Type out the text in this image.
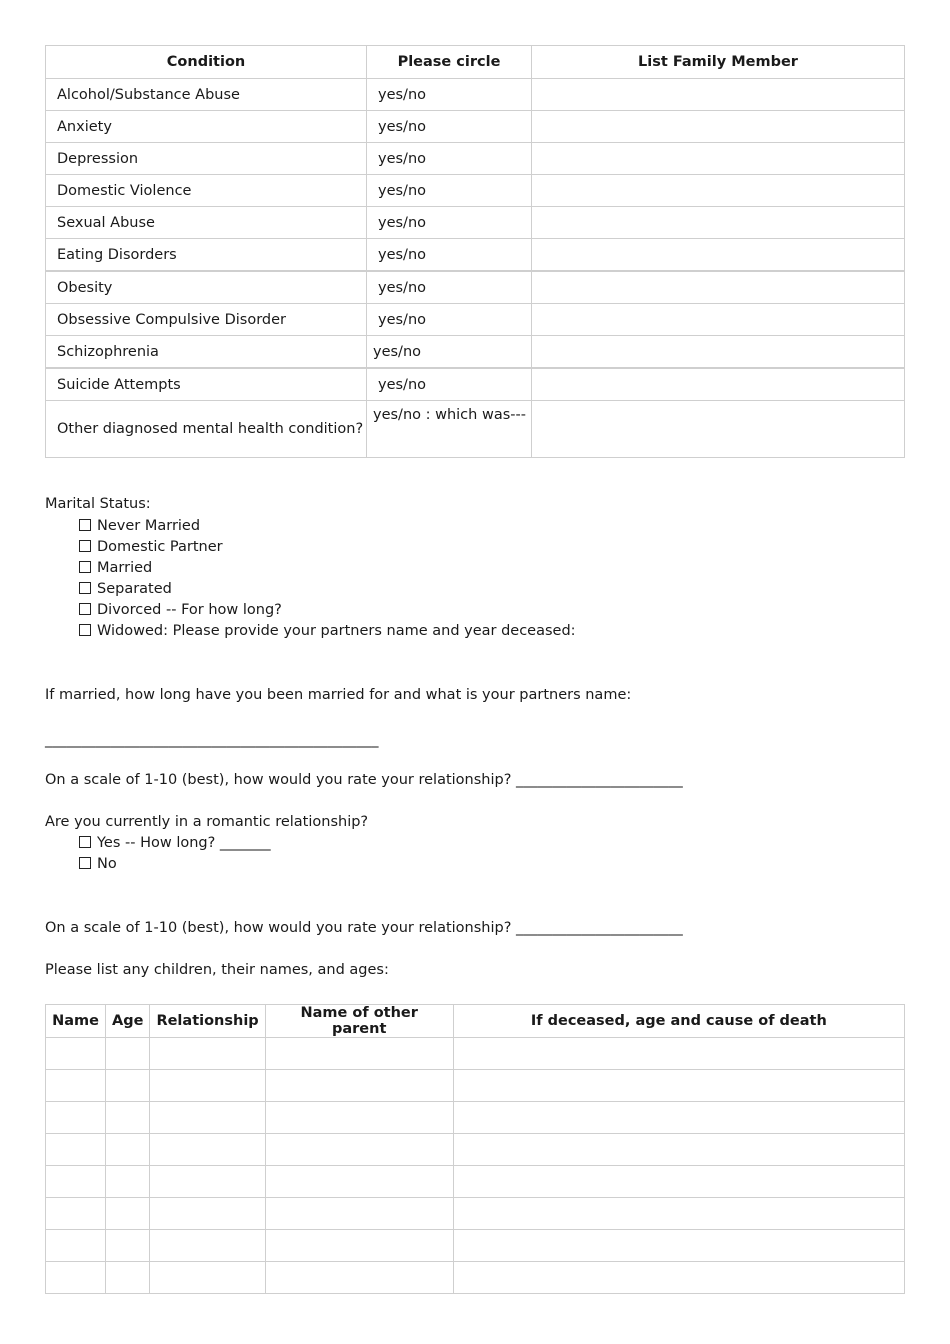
Condition	Please circle	List Family Member
Alcohol/Substance Abuse	yes/no	
Anxiety	yes/no	
Depression	yes/no	
Domestic Violence	yes/no	
Sexual Abuse	yes/no	
Eating Disorders	yes/no	
Obesity	yes/no	
Obsessive Compulsive Disorder	yes/no	
Schizophrenia	yes/no	
Suicide Attempts	yes/no	
Other diagnosed mental health condition?	yes/no : which was---	
Marital Status:
Never Married
Domestic Partner
Married
Separated
Divorced -- For how long?
Widowed: Please provide your partners name and year deceased:
If married, how long have you been married for and what is your partners name:
______________________________________________
On a scale of 1-10 (best), how would you rate your relationship? _______________________
Are you currently in a romantic relationship?
Yes -- How long? _______
No
On a scale of 1-10 (best), how would you rate your relationship? _______________________
Please list any children, their names, and ages:
Name	Age	Relationship	Name of other parent	If deceased, age and cause of death
